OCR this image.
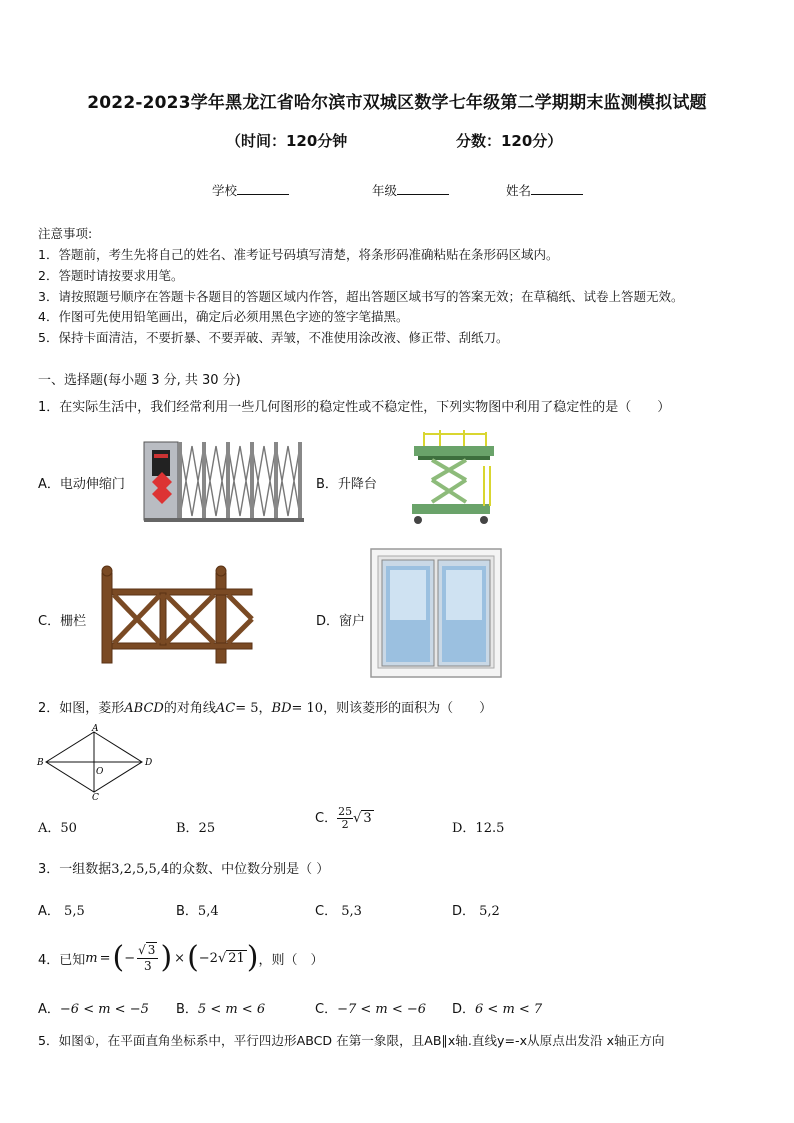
2022-2023学年黑龙江省哈尔滨市双城区数学七年级第二学期期末监测模拟试题
（时间：120分钟	分数：120分）
学校	年级	姓名
注意事项:
1．答题前，考生先将自己的姓名、准考证号码填写清楚，将条形码准确粘贴在条形码区域内。
2．答题时请按要求用笔。
3．请按照题号顺序在答题卡各题目的答题区域内作答，超出答题区域书写的答案无效；在草稿纸、试卷上答题无效。
4．作图可先使用铅笔画出，确定后必须用黑色字迹的签字笔描黑。
5．保持卡面清洁，不要折暴、不要弄破、弄皱，不准使用涂改液、修正带、刮纸刀。
一、选择题(每小题 3 分, 共 30 分)
1．在实际生活中，我们经常利用一些几何图形的稳定性或不稳定性，下列实物图中利用了稳定性的是（　　）
A．电动伸缩门	B．升降台
C．栅栏	D．窗户
2．如图，菱形ABCD的对角线AC= 5，BD= 10，则该菱形的面积为（　　）
A
B
C
D
O
A．50	B．25
C． $\frac{25}{2}$ √ 3
D．12.5
3．一组数据3,2,5,5,4的众数、中位数分别是（ ）
A． 5,5	B．5,4	C． 5,3	D． 5,2
4．已知 m = ( − $\frac{√ 3}{3}$ ) × ( −2 √ 21 ) ，则（　）
A．−6 < m < −5 B．5 < m < 6	C．−7 < m < −6 D．6 < m < 7
5．如图①，在平面直角坐标系中，平行四边形ABCD 在第一象限，且AB∥x轴.直线y=-x从原点出发沿 x轴正方向
